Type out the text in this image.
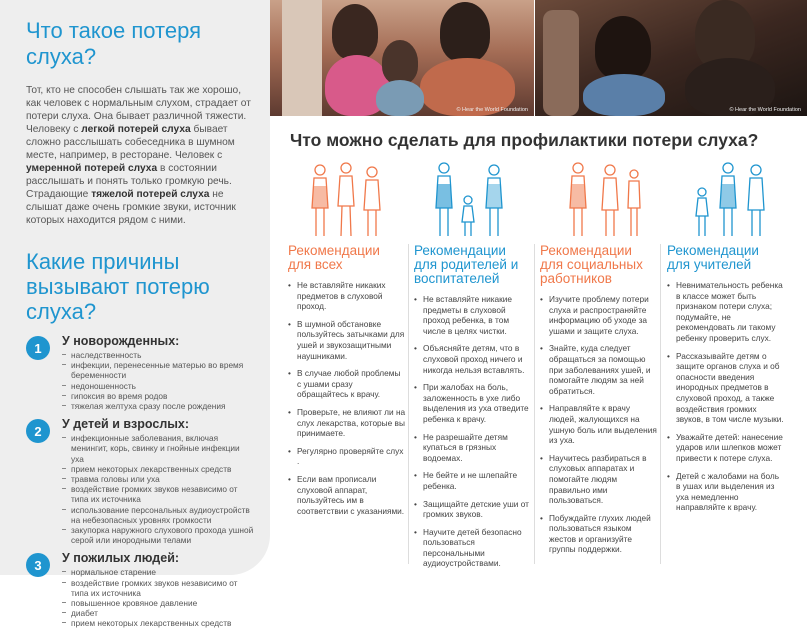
Что такое потеря слуха?

Тот, кто не способен слышать так же хорошо, как человек с нормальным слухом, страдает от потери слуха. Она бывает различной тяжести. Человеку с легкой потерей слуха бывает сложно расслышать собеседника в шумном месте, например, в ресторане. Человек с умеренной потерей слуха в состоянии расслышать и понять только громкую речь. Страдающие тяжелой потерей слуха не слышат даже очень громкие звуки, источник которых находится рядом с ними.

Какие причины вызывают потерю слуха?
1	У новорожденных:
наследственность
инфекции, перенесенные матерью во время беременности
недоношенность
гипоксия во время родов
тяжелая желтуха сразу после рождения
2	У детей и взрослых:
инфекционные заболевания, включая менингит, корь, свинку и гнойные инфекции уха
прием некоторых лекарственных средств
травма головы или уха
воздействие громких звуков независимо от типа их источника
использование персональных аудиоустройств на небезопасных уровнях громкости
закупорка наружного слухового прохода ушной серой или инородными телами
3	У пожилых людей:
нормальное старение
воздействие громких звуков независимо от типа их источника
повышенное кровяное давление
диабет
прием некоторых лекарственных средств
© Hear the World Foundation	© Hear the World Foundation
Что можно сделать для профилактики потери слуха?
Рекомендации
для всех
• Не вставляйте никаких предметов в слуховой проход.
• В шумной обстановке пользуйтесь затычками для ушей и звукозащитными наушниками.
• В случае любой проблемы с ушами сразу обращайтесь к врачу.
• Проверьте, не влияют ли на слух лекарства, которые вы принимаете.
• Регулярно проверяйте слух .
• Если вам прописали слуховой аппарат, пользуйтесь им в соответствии с указаниями.
Рекомендации
для родителей и
воспитателей
• Не вставляйте никакие предметы в слуховой проход ребенка, в том числе в целях чистки.
• Объясняйте детям, что в слуховой проход ничего и никогда нельзя вставлять.
• При жалобах на боль, заложенность в ухе либо выделения из уха отведите ребенка к врачу.
• Не разрешайте детям купаться в грязных водоемах.
• Не бейте и не шлепайте ребенка.
• Защищайте детские уши от громких звуков.
• Научите детей безопасно пользоваться персональными аудиоустройствами.
Рекомендации
для социальных
работников
• Изучите проблему потери слуха и распространяйте информацию об уходе за ушами и защите слуха.
• Знайте, куда следует обращаться за помощью при заболеваниях ушей, и помогайте людям за ней обратиться.
• Направляйте к врачу людей, жалующихся на ушную боль или выделения из уха.
• Научитесь разбираться в слуховых аппаратах и помогайте людям правильно ими пользоваться.
• Побуждайте глухих людей пользоваться языком жестов и организуйте группы поддержки.
Рекомендации
для учителей
• Невнимательность ребенка в классе может быть признаком потери слуха; подумайте, не рекомендовать ли такому ребенку проверить слух.
• Рассказывайте детям о защите органов слуха и об опасности введения инородных предметов в слуховой проход, а также воздействия громких звуков, в том числе музыки.
• Уважайте детей: нанесение ударов или шлепков может привести к потере слуха.
• Детей с жалобами на боль в ушах или выделения из уха немедленно направляйте к врачу.
